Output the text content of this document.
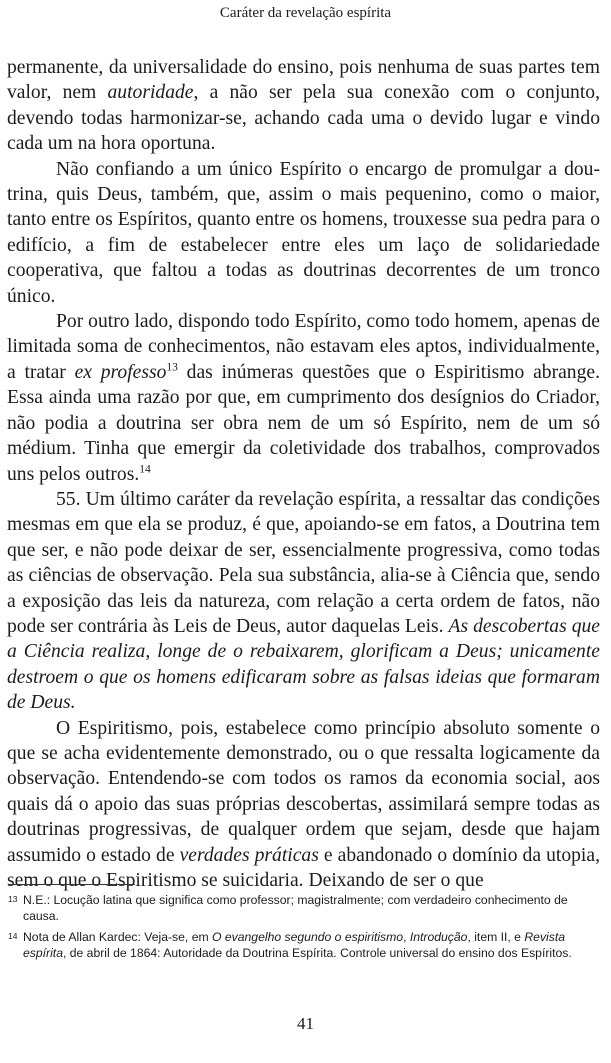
Caráter da revelação espírita

permanente, da universalidade do ensino, pois nenhuma de suas partes tem valor, nem autoridade, a não ser pela sua conexão com o conjunto, devendo todas harmonizar-se, achando cada uma o devido lugar e vindo cada um na hora oportuna.

Não confiando a um único Espírito o encargo de promulgar a doutrina, quis Deus, também, que, assim o mais pequenino, como o maior, tanto entre os Espíritos, quanto entre os homens, trouxesse sua pedra para o edifício, a fim de estabelecer entre eles um laço de solidariedade cooperativa, que faltou a todas as doutrinas decorrentes de um tronco único.

Por outro lado, dispondo todo Espírito, como todo homem, apenas de limitada soma de conhecimentos, não estavam eles aptos, individualmente, a tratar ex professo$^{13}$ das inúmeras questões que o Espiritismo abrange. Essa ainda uma razão por que, em cumprimento dos desígnios do Criador, não podia a doutrina ser obra nem de um só Espírito, nem de um só médium. Tinha que emergir da coletividade dos trabalhos, comprovados uns pelos outros.$^{14}$

55. Um último caráter da revelação espírita, a ressaltar das condições mesmas em que ela se produz, é que, apoiando-se em fatos, a Doutrina tem que ser, e não pode deixar de ser, essencialmente progressiva, como todas as ciências de observação. Pela sua substância, alia-se à Ciência que, sendo a exposição das leis da natureza, com relação a certa ordem de fatos, não pode ser contrária às Leis de Deus, autor daquelas Leis. As descobertas que a Ciência realiza, longe de o rebaixarem, glorificam a Deus; unicamente destroem o que os homens edificaram sobre as falsas ideias que formaram de Deus.

O Espiritismo, pois, estabelece como princípio absoluto somente o que se acha evidentemente demonstrado, ou o que ressalta logicamente da observação. Entendendo-se com todos os ramos da economia social, aos quais dá o apoio das suas próprias descobertas, assimilará sempre todas as doutrinas progressivas, de qualquer ordem que sejam, desde que hajam assumido o estado de verdades práticas e abandonado o domínio da utopia, sem o que o Espiritismo se suicidaria. Deixando de ser o que

13 N.E.: Locução latina que significa como professor; magistralmente; com verdadeiro conhecimento de causa.
14 Nota de Allan Kardec: Veja-se, em O evangelho segundo o espiritismo, Introdução, item II, e Revista espírita, de abril de 1864: Autoridade da Doutrina Espírita. Controle universal do ensino dos Espíritos.
41
